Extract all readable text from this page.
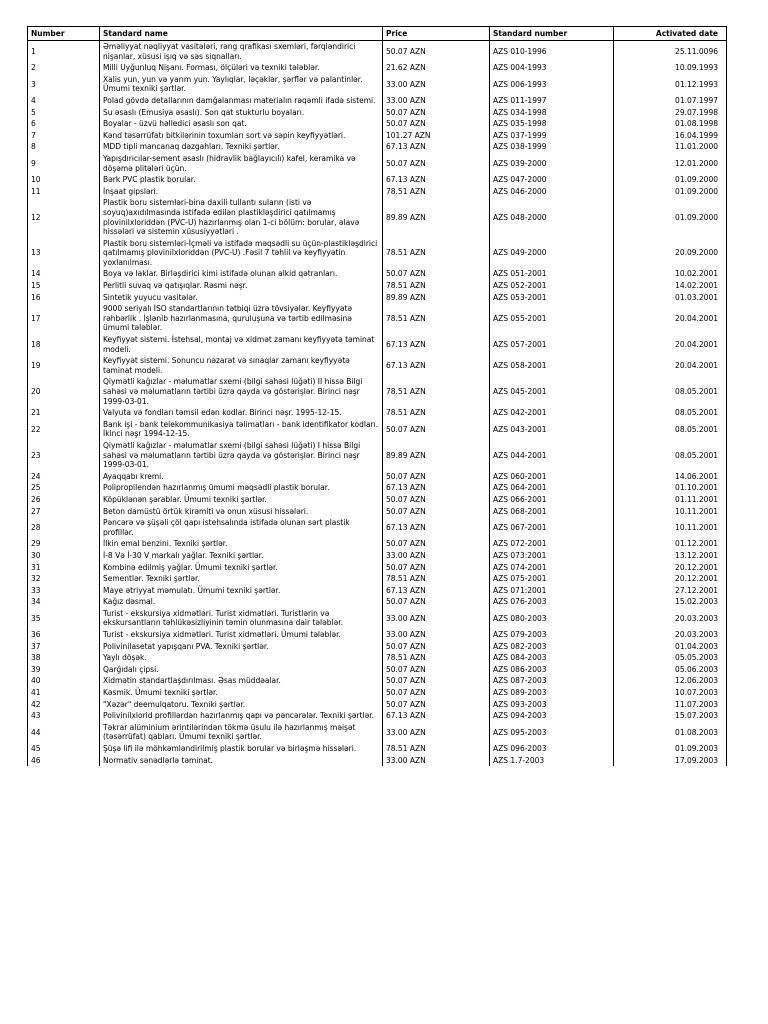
Number	Standard name	Price	Standard number	Activated date
1	Əməliyyat nəqliyyat vasitələri, rəng qrafikası sxemləri, fərqləndirici nişanlar, xüsusi işıq və səs siqnalları.	50.07 AZN	AZS 010-1996	25.11.0096
2	Milli Uyğunluq Nişanı. Forması, ölçüləri və texniki tələblər.	21.62 AZN	AZS 004-1993	10.09.1993
3	Xalis yun, yun və yarım yun. Yaylıqlar, ləçəklər, şərflər və palantinlər. Ümumi texniki şərtlər.	33.00 AZN	AZS 006-1993	01.12.1993
4	Polad gövdə detallarının damğalanması materialın rəqəmli ifadə sistemi.	33.00 AZN	AZS 011-1997	01.07.1997
5	Su əsaslı (Emusiya əsaslı). Son qat stukturlu boyaları.	50.07 AZN	AZS 034-1998	29.07.1998
6	Boyalar - üzvü həlledici əsaslı son qat.	50.07 AZN	AZS 035-1998	01.08.1998
7	Kənd təsərrüfatı bitkilərinin toxumları sort və səpin keyfiyyətləri.	101.27 AZN	AZS 037-1999	16.04.1999
8	MDD tipli mancanaq dəzgahları. Texniki şərtlər.	67.13 AZN	AZS 038-1999	11.01.2000
9	Yapışdırıcılar-sement əsaslı (hidravlik bağlayıcılı) kafel, keramika və döşəmə plitələri üçün.	50.07 AZN	AZS 039-2000	12.01.2000
10	Bərk PVC plastik borular.	67.13 AZN	AZS 047-2000	01.09.2000
11	İnşaat gipsləri.	78.51 AZN	AZS 046-2000	01.09.2000
12	Plastik boru sistemləri-bina daxili tullantı suların (isti və soyuq)axıdılmasında istifadə edilən plastikləşdirici qatılmamış plovinilxloriddən (PVC-U) hazırlanmış olan 1-ci bölüm: borular, əlavə hissələri və sistemin xüsusiyyətləri .	89.89 AZN	AZS 048-2000	01.09.2000
13	Plastik boru sistemləri-İçməli və istifadə məqsədli su üçün-plastikləşdirici qatılmamış plovinilxloriddən (PVC-U) .Fəsil 7 təhlil və keyfiyyətin yoxlanılması.	78.51 AZN	AZS 049-2000	20.09.2000
14	Boya və laklar. Birləşdirici kimi istifadə olunan alkid qətranları.	50.07 AZN	AZS 051-2001	10.02.2001
15	Perlitli suvaq və qatışıqlar. Rəsmi nəşr.	78.51 AZN	AZS 052-2001	14.02.2001
16	Sintetik yuyucu vasitələr.	89.89 AZN	AZS 053-2001	01.03.2001
17	9000 seriyalı İSO standartlarının tətbiqi üzrə tövsiyələr. Keyfiyyətə rəhbərlik . İşlənib hazırlanmasına, quruluşuna və tərtib edilməsinə ümumi tələblər.	78.51 AZN	AZS 055-2001	20.04.2001
18	Keyfiyyət sistemi. İstehsal, montaj və xidmət zamanı keyfiyyətə təminat modeli.	67.13 AZN	AZS 057-2001	20.04.2001
19	Keyfiyyət sistemi. Sonuncu nəzarət və sınaqlar zamanı keyfiyyətə təminat modeli.	67.13 AZN	AZS 058-2001	20.04.2001
20	Qiymətli kağızlar - məlumatlar sxemi (bilgi sahəsi lüğəti) II hissə Bilgi sahəsi və məlumatların tərtibi üzrə qayda və göstərişlər. Birinci nəşr 1999-03-01.	78.51 AZN	AZS 045-2001	08.05.2001
21	Valyuta və fondları təmsil edən kodlar. Birinci nəşr. 1995-12-15.	78.51 AZN	AZS 042-2001	08.05.2001
22	Bank işi - bank telekommunikasiya təlimatları - bank identifikator kodları. İkinci nəşr 1994-12-15.	50.07 AZN	AZS 043-2001	08.05.2001
23	Qiymətli kağızlar - məlumatlar sxemi (bilgi sahəsi lüğəti) I hissə Bilgi sahəsi və məlumatların tərtibi üzrə qayda və göstərişlər. Birinci nəşr 1999-03-01.	89.89 AZN	AZS 044-2001	08.05.2001
24	Ayaqqabı kremi.	50.07 AZN	AZS 060-2001	14.06.2001
25	Polipropilendən hazırlanmış ümumi məqsədli plastik borular.	67.13 AZN	AZS 064-2001	01.10.2001
26	Köpüklənən şərablar. Ümumi texniki şərtlər.	50.07 AZN	AZS 066-2001	01.11.2001
27	Beton damüstü örtük kirəmiti və onun xüsusi hissələri.	50.07 AZN	AZS 068-2001	10.11.2001
28	Pəncərə və şüşəli çöl qapı istehsalında istifadə olunan sərt plastik profillər.	67.13 AZN	AZS 067-2001	10.11.2001
29	İlkin emal benzini. Texniki şərtlər.	50.07 AZN	AZS 072-2001	01.12.2001
30	İ-8 Və İ-30 V markalı yağlar. Texniki şərtlər.	33.00 AZN	AZS 073:2001	13.12.2001
31	Kombinə edilmiş yağlar. Ümumi texniki şərtlər.	50.07 AZN	AZS 074-2001	20.12.2001
32	Sementlər. Texniki şərtlər.	78.51 AZN	AZS 075-2001	20.12.2001
33	Maye ətriyyat məmulatı. Ümumi texniki şərtlər.	67.13 AZN	AZS 071:2001	27.12.2001
34	Kağız dəsmal.	50.07 AZN	AZS 076-2003	15.02.2003
35	Turist - ekskursiya xidmətləri. Turist xidmətləri. Turistlərin və ekskursantların təhlükəsizliyinin təmin olunmasına dair tələblər.	33.00 AZN	AZS 080-2003	20.03.2003
36	Turist - ekskursiya xidmətləri. Turist xidmətləri. Ümumi tələblər.	33.00 AZN	AZS 079-2003	20.03.2003
37	Polivinilasetat yapışqanı PVA. Texniki şərtlər.	50.07 AZN	AZS 082-2003	01.04.2003
38	Yaylı döşək.	78.51 AZN	AZS 084-2003	05.05.2003
39	Qarğıdalı çipsi.	50.07 AZN	AZS 086-2003	05.06.2003
40	Xidmətin standartlaşdırılması. Əsas müddəalar.	50.07 AZN	AZS 087-2003	12.06.2003
41	Kəsmik. Ümumi texniki şərtlər.	50.07 AZN	AZS 089-2003	10.07.2003
42	"Xəzər" deemulqatoru. Texniki şərtlər.	50.07 AZN	AZS 093-2003	11.07.2003
43	Polivinilxlorid profillərdən hazırlanmış qapı və pəncərələr. Texniki şərtlər.	67.13 AZN	AZS 094-2003	15.07.2003
44	Təkrar alüminium ərintilərindən tökmə üsulu ilə hazırlanmış məişət (təsərrüfat) qabları. Ümumi texniki şərtlər.	33.00 AZN	AZS 095-2003	01.08.2003
45	Şüşə lifi ilə möhkəmləndirilmiş plastik borular və birləşmə hissələri.	78.51 AZN	AZS 096-2003	01.09.2003
46	Normativ sənədlərlə təminat.	33.00 AZN	AZS 1.7-2003	17.09.2003
